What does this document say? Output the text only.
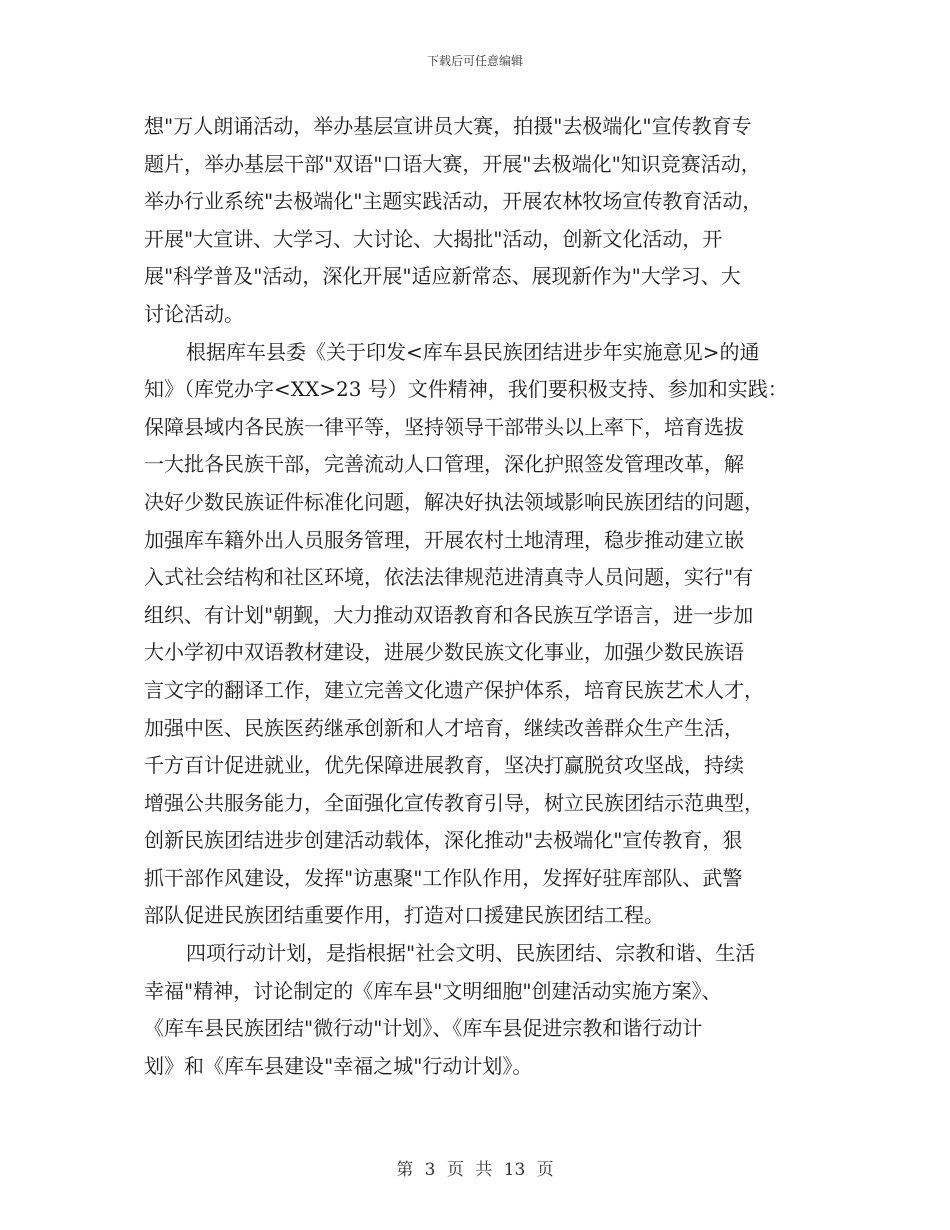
下载后可任意编辑
想"万人朗诵活动，举办基层宣讲员大赛，拍摄"去极端化"宣传教育专
题片，举办基层干部"双语"口语大赛，开展"去极端化"知识竞赛活动，
举办行业系统"去极端化"主题实践活动，开展农林牧场宣传教育活动，
开展"大宣讲、大学习、大讨论、大揭批"活动，创新文化活动，开
展"科学普及"活动，深化开展"适应新常态、展现新作为"大学习、大
讨论活动。
根据库车县委《关于印发<库车县民族团结进步年实施意见>的通
知》（库党办字<XX>23 号）文件精神，我们要积极支持、参加和实践：
保障县域内各民族一律平等，坚持领导干部带头以上率下，培育选拔
一大批各民族干部，完善流动人口管理，深化护照签发管理改革，解
决好少数民族证件标准化问题，解决好执法领域影响民族团结的问题，
加强库车籍外出人员服务管理，开展农村土地清理，稳步推动建立嵌
入式社会结构和社区环境，依法法律规范进清真寺人员问题，实行"有
组织、有计划"朝觐，大力推动双语教育和各民族互学语言，进一步加
大小学初中双语教材建设，进展少数民族文化事业，加强少数民族语
言文字的翻译工作，建立完善文化遗产保护体系，培育民族艺术人才，
加强中医、民族医药继承创新和人才培育，继续改善群众生产生活，
千方百计促进就业，优先保障进展教育，坚决打赢脱贫攻坚战，持续
增强公共服务能力，全面强化宣传教育引导，树立民族团结示范典型，
创新民族团结进步创建活动载体，深化推动"去极端化"宣传教育，狠
抓干部作风建设，发挥"访惠聚"工作队作用，发挥好驻库部队、武警
部队促进民族团结重要作用，打造对口援建民族团结工程。
四项行动计划，是指根据"社会文明、民族团结、宗教和谐、生活
幸福"精神，讨论制定的《库车县"文明细胞"创建活动实施方案》、
《库车县民族团结"微行动"计划》、《库车县促进宗教和谐行动计
划》和《库车县建设"幸福之城"行动计划》。
第 3 页 共 13 页
